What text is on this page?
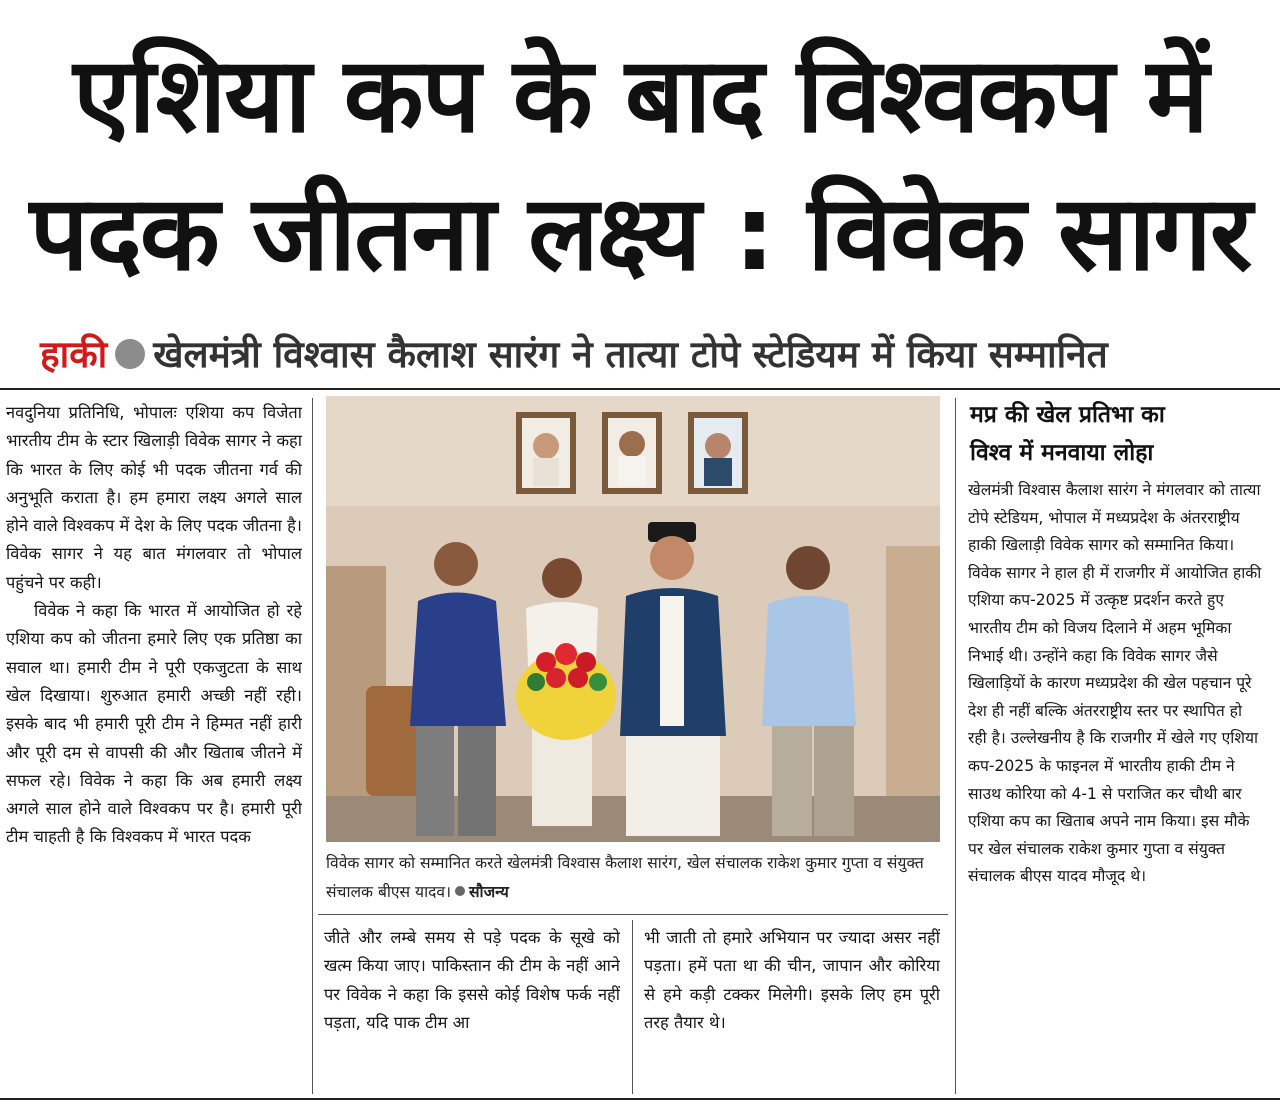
एशिया कप के बाद विश्वकप में
पदक जीतना लक्ष्य : विवेक सागर
हाकी खेलमंत्री विश्वास कैलाश सारंग ने तात्या टोपे स्टेडियम में किया सम्मानित

नवदुनिया प्रतिनिधि, भोपालः एशिया कप विजेता भारतीय टीम के स्टार खिलाड़ी विवेक सागर ने कहा कि भारत के लिए कोई भी पदक जीतना गर्व की अनुभूति कराता है। हम हमारा लक्ष्य अगले साल होने वाले विश्वकप में देश के लिए पदक जीतना है। विवेक सागर ने यह बात मंगलवार तो भोपाल पहुंचने पर कही।

विवेक ने कहा कि भारत में आयोजित हो रहे एशिया कप को जीतना हमारे लिए एक प्रतिष्ठा का सवाल था। हमारी टीम ने पूरी एकजुटता के साथ खेल दिखाया। शुरुआत हमारी अच्छी नहीं रही। इसके बाद भी हमारी पूरी टीम ने हिम्मत नहीं हारी और पूरी दम से वापसी की और खिताब जीतने में सफल रहे। विवेक ने कहा कि अब हमारी लक्ष्य अगले साल होने वाले विश्वकप पर है। हमारी पूरी टीम चाहती है कि विश्वकप में भारत पदक

विवेक सागर को सम्मानित करते खेलमंत्री विश्वास कैलाश सारंग, खेल संचालक राकेश कुमार गुप्ता व संयुक्त संचालक बीएस यादव। सौजन्य

जीते और लम्बे समय से पड़े पदक के सूखे को खत्म किया जाए। पाकिस्तान की टीम के नहीं आने पर विवेक ने कहा कि इससे कोई विशेष फर्क नहीं पड़ता, यदि पाक टीम आ

भी जाती तो हमारे अभियान पर ज्यादा असर नहीं पड़ता। हमें पता था की चीन, जापान और कोरिया से हमे कड़ी टक्कर मिलेगी। इसके लिए हम पूरी तरह तैयार थे।

मप्र की खेल प्रतिभा का
विश्व में मनवाया लोहा

खेलमंत्री विश्वास कैलाश सारंग ने मंगलवार को तात्या टोपे स्टेडियम, भोपाल में मध्यप्रदेश के अंतरराष्ट्रीय हाकी खिलाड़ी विवेक सागर को सम्मानित किया। विवेक सागर ने हाल ही में राजगीर में आयोजित हाकी एशिया कप-2025 में उत्कृष्ट प्रदर्शन करते हुए भारतीय टीम को विजय दिलाने में अहम भूमिका निभाई थी। उन्होंने कहा कि विवेक सागर जैसे खिलाड़ियों के कारण मध्यप्रदेश की खेल पहचान पूरे देश ही नहीं बल्कि अंतरराष्ट्रीय स्तर पर स्थापित हो रही है। उल्लेखनीय है कि राजगीर में खेले गए एशिया कप-2025 के फाइनल में भारतीय हाकी टीम ने साउथ कोरिया को 4-1 से पराजित कर चौथी बार एशिया कप का खिताब अपने नाम किया। इस मौके पर खेल संचालक राकेश कुमार गुप्ता व संयुक्त संचालक बीएस यादव मौजूद थे।
